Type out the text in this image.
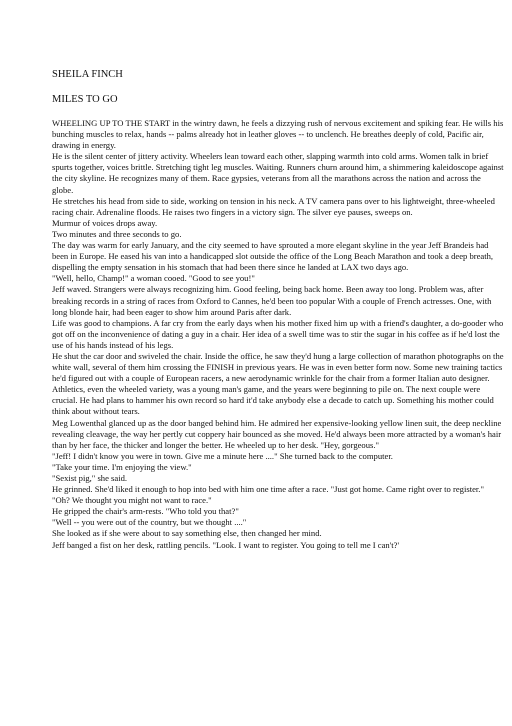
SHEILA FINCH
MILES TO GO

WHEELING UP TO THE START in the wintry dawn, he feels a dizzying rush of nervous excitement and spiking fear. He wills his bunching muscles to relax, hands -- palms already hot in leather gloves -- to unclench. He breathes deeply of cold, Pacific air, drawing in energy.

He is the silent center of jittery activity. Wheelers lean toward each other, slapping warmth into cold arms. Women talk in brief spurts together, voices brittle. Stretching tight leg muscles. Waiting. Runners churn around him, a shimmering kaleidoscope against the city skyline. He recognizes many of them. Race gypsies, veterans from all the marathons across the nation and across the globe.

He stretches his head from side to side, working on tension in his neck. A TV camera pans over to his lightweight, three-wheeled racing chair. Adrenaline floods. He raises two fingers in a victory sign. The silver eye pauses, sweeps on.

Murmur of voices drops away.

Two minutes and three seconds to go.

The day was warm for early January, and the city seemed to have sprouted a more elegant skyline in the year Jeff Brandeis had been in Europe. He eased his van into a handicapped slot outside the office of the Long Beach Marathon and took a deep breath, dispelling the empty sensation in his stomach that had been there since he landed at LAX two days ago.

"Well, hello, Champ!" a woman cooed. "Good to see you!"

Jeff waved. Strangers were always recognizing him. Good feeling, being back home. Been away too long. Problem was, after breaking records in a string of races from Oxford to Cannes, he'd been too popular With a couple of French actresses. One, with long blonde hair, had been eager to show him around Paris after dark.

Life was good to champions. A far cry from the early days when his mother fixed him up with a friend's daughter, a do-gooder who got off on the inconvenience of dating a guy in a chair. Her idea of a swell time was to stir the sugar in his coffee as if he'd lost the use of his hands instead of his legs.

He shut the car door and swiveled the chair. Inside the office, he saw they'd hung a large collection of marathon photographs on the white wall, several of them him crossing the FINISH in previous years. He was in even better form now. Some new training tactics he'd figured out with a couple of European racers, a new aerodynamic wrinkle for the chair from a former Italian auto designer.

Athletics, even the wheeled variety, was a young man's game, and the years were beginning to pile on. The next couple were crucial. He had plans to hammer his own record so hard it'd take anybody else a decade to catch up. Something his mother could think about without tears.

Meg Lowenthal glanced up as the door banged behind him. He admired her expensive-looking yellow linen suit, the deep neckline revealing cleavage, the way her pertly cut coppery hair bounced as she moved. He'd always been more attracted by a woman's hair than by her face, the thicker and longer the better. He wheeled up to her desk. "Hey, gorgeous."

"Jeff! I didn't know you were in town. Give me a minute here ...." She turned back to the computer.

"Take your time. I'm enjoying the view."

"Sexist pig," she said.

He grinned. She'd liked it enough to hop into bed with him one time after a race. "Just got home. Came right over to register."

"Oh? We thought you might not want to race."

He gripped the chair's arm-rests. "Who told you that?"

"Well -- you were out of the country, but we thought ...."

She looked as if she were about to say something else, then changed her mind.

Jeff banged a fist on her desk, rattling pencils. "Look. I want to register. You going to tell me I can't?'
